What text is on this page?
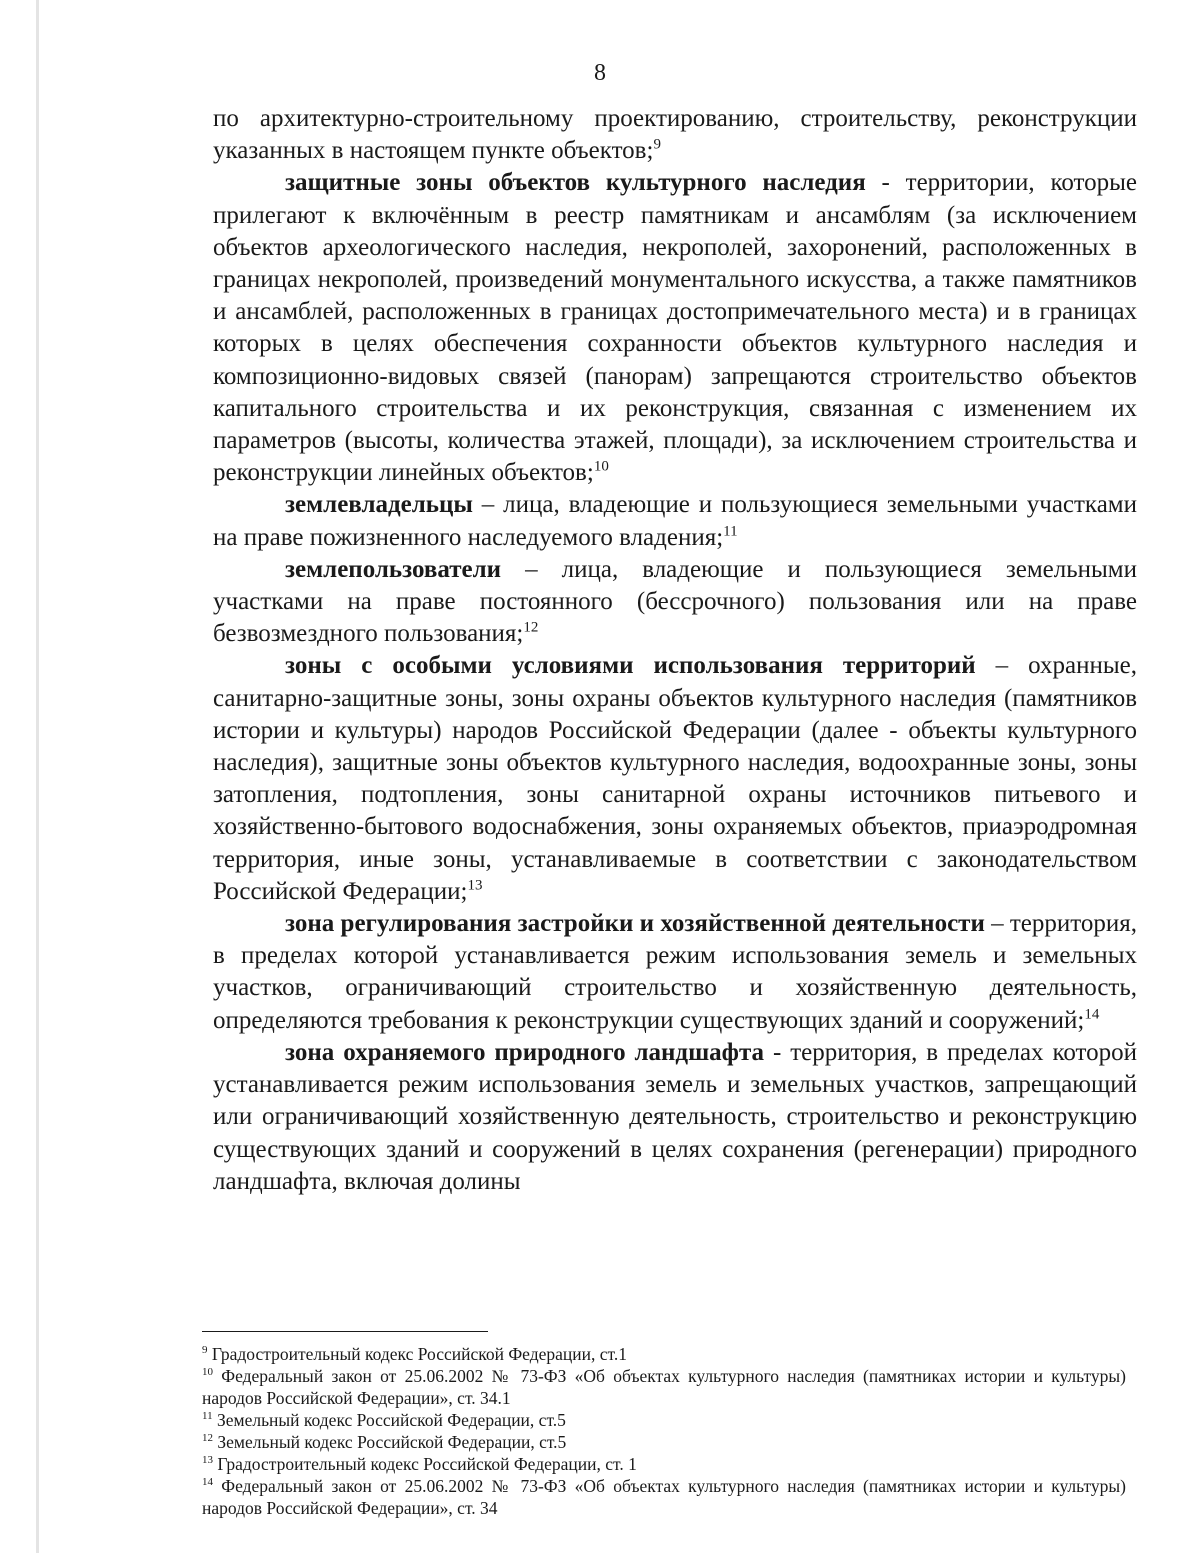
8

по архитектурно-строительному проектированию, строительству, реконструкции указанных в настоящем пункте объектов;$^9$

защитные зоны объектов культурного наследия - территории, которые прилегают к включённым в реестр памятникам и ансамблям (за исключением объектов археологического наследия, некрополей, захоронений, расположенных в границах некрополей, произведений монументального искусства, а также памятников и ансамблей, расположенных в границах достопримечательного места) и в границах которых в целях обеспечения сохранности объектов культурного наследия и композиционно-видовых связей (панорам) запрещаются строительство объектов капитального строительства и их реконструкция, связанная с изменением их параметров (высоты, количества этажей, площади), за исключением строительства и реконструкции линейных объектов;$^{10}$

землевладельцы – лица, владеющие и пользующиеся земельными участками на праве пожизненного наследуемого владения;$^{11}$

землепользователи – лица, владеющие и пользующиеся земельными участками на праве постоянного (бессрочного) пользования или на праве безвозмездного пользования;$^{12}$

зоны с особыми условиями использования территорий – охранные, санитарно-защитные зоны, зоны охраны объектов культурного наследия (памятников истории и культуры) народов Российской Федерации (далее - объекты культурного наследия), защитные зоны объектов культурного наследия, водоохранные зоны, зоны затопления, подтопления, зоны санитарной охраны источников питьевого и хозяйственно-бытового водоснабжения, зоны охраняемых объектов, приаэродромная территория, иные зоны, устанавливаемые в соответствии с законодательством Российской Федерации;$^{13}$

зона регулирования застройки и хозяйственной деятельности – территория, в пределах которой устанавливается режим использования земель и земельных участков, ограничивающий строительство и хозяйственную деятельность, определяются требования к реконструкции существующих зданий и сооружений;$^{14}$

зона охраняемого природного ландшафта - территория, в пределах которой устанавливается режим использования земель и земельных участков, запрещающий или ограничивающий хозяйственную деятельность, строительство и реконструкцию существующих зданий и сооружений в целях сохранения (регенерации) природного ландшафта, включая долины

$^9$ Градостроительный кодекс Российской Федерации, ст.1

$^{10}$ Федеральный закон от 25.06.2002 № 73-ФЗ «Об объектах культурного наследия (памятниках истории и культуры) народов Российской Федерации», ст. 34.1

$^{11}$ Земельный кодекс Российской Федерации, ст.5

$^{12}$ Земельный кодекс Российской Федерации, ст.5

$^{13}$ Градостроительный кодекс Российской Федерации, ст. 1

$^{14}$ Федеральный закон от 25.06.2002 № 73-ФЗ «Об объектах культурного наследия (памятниках истории и культуры) народов Российской Федерации», ст. 34
